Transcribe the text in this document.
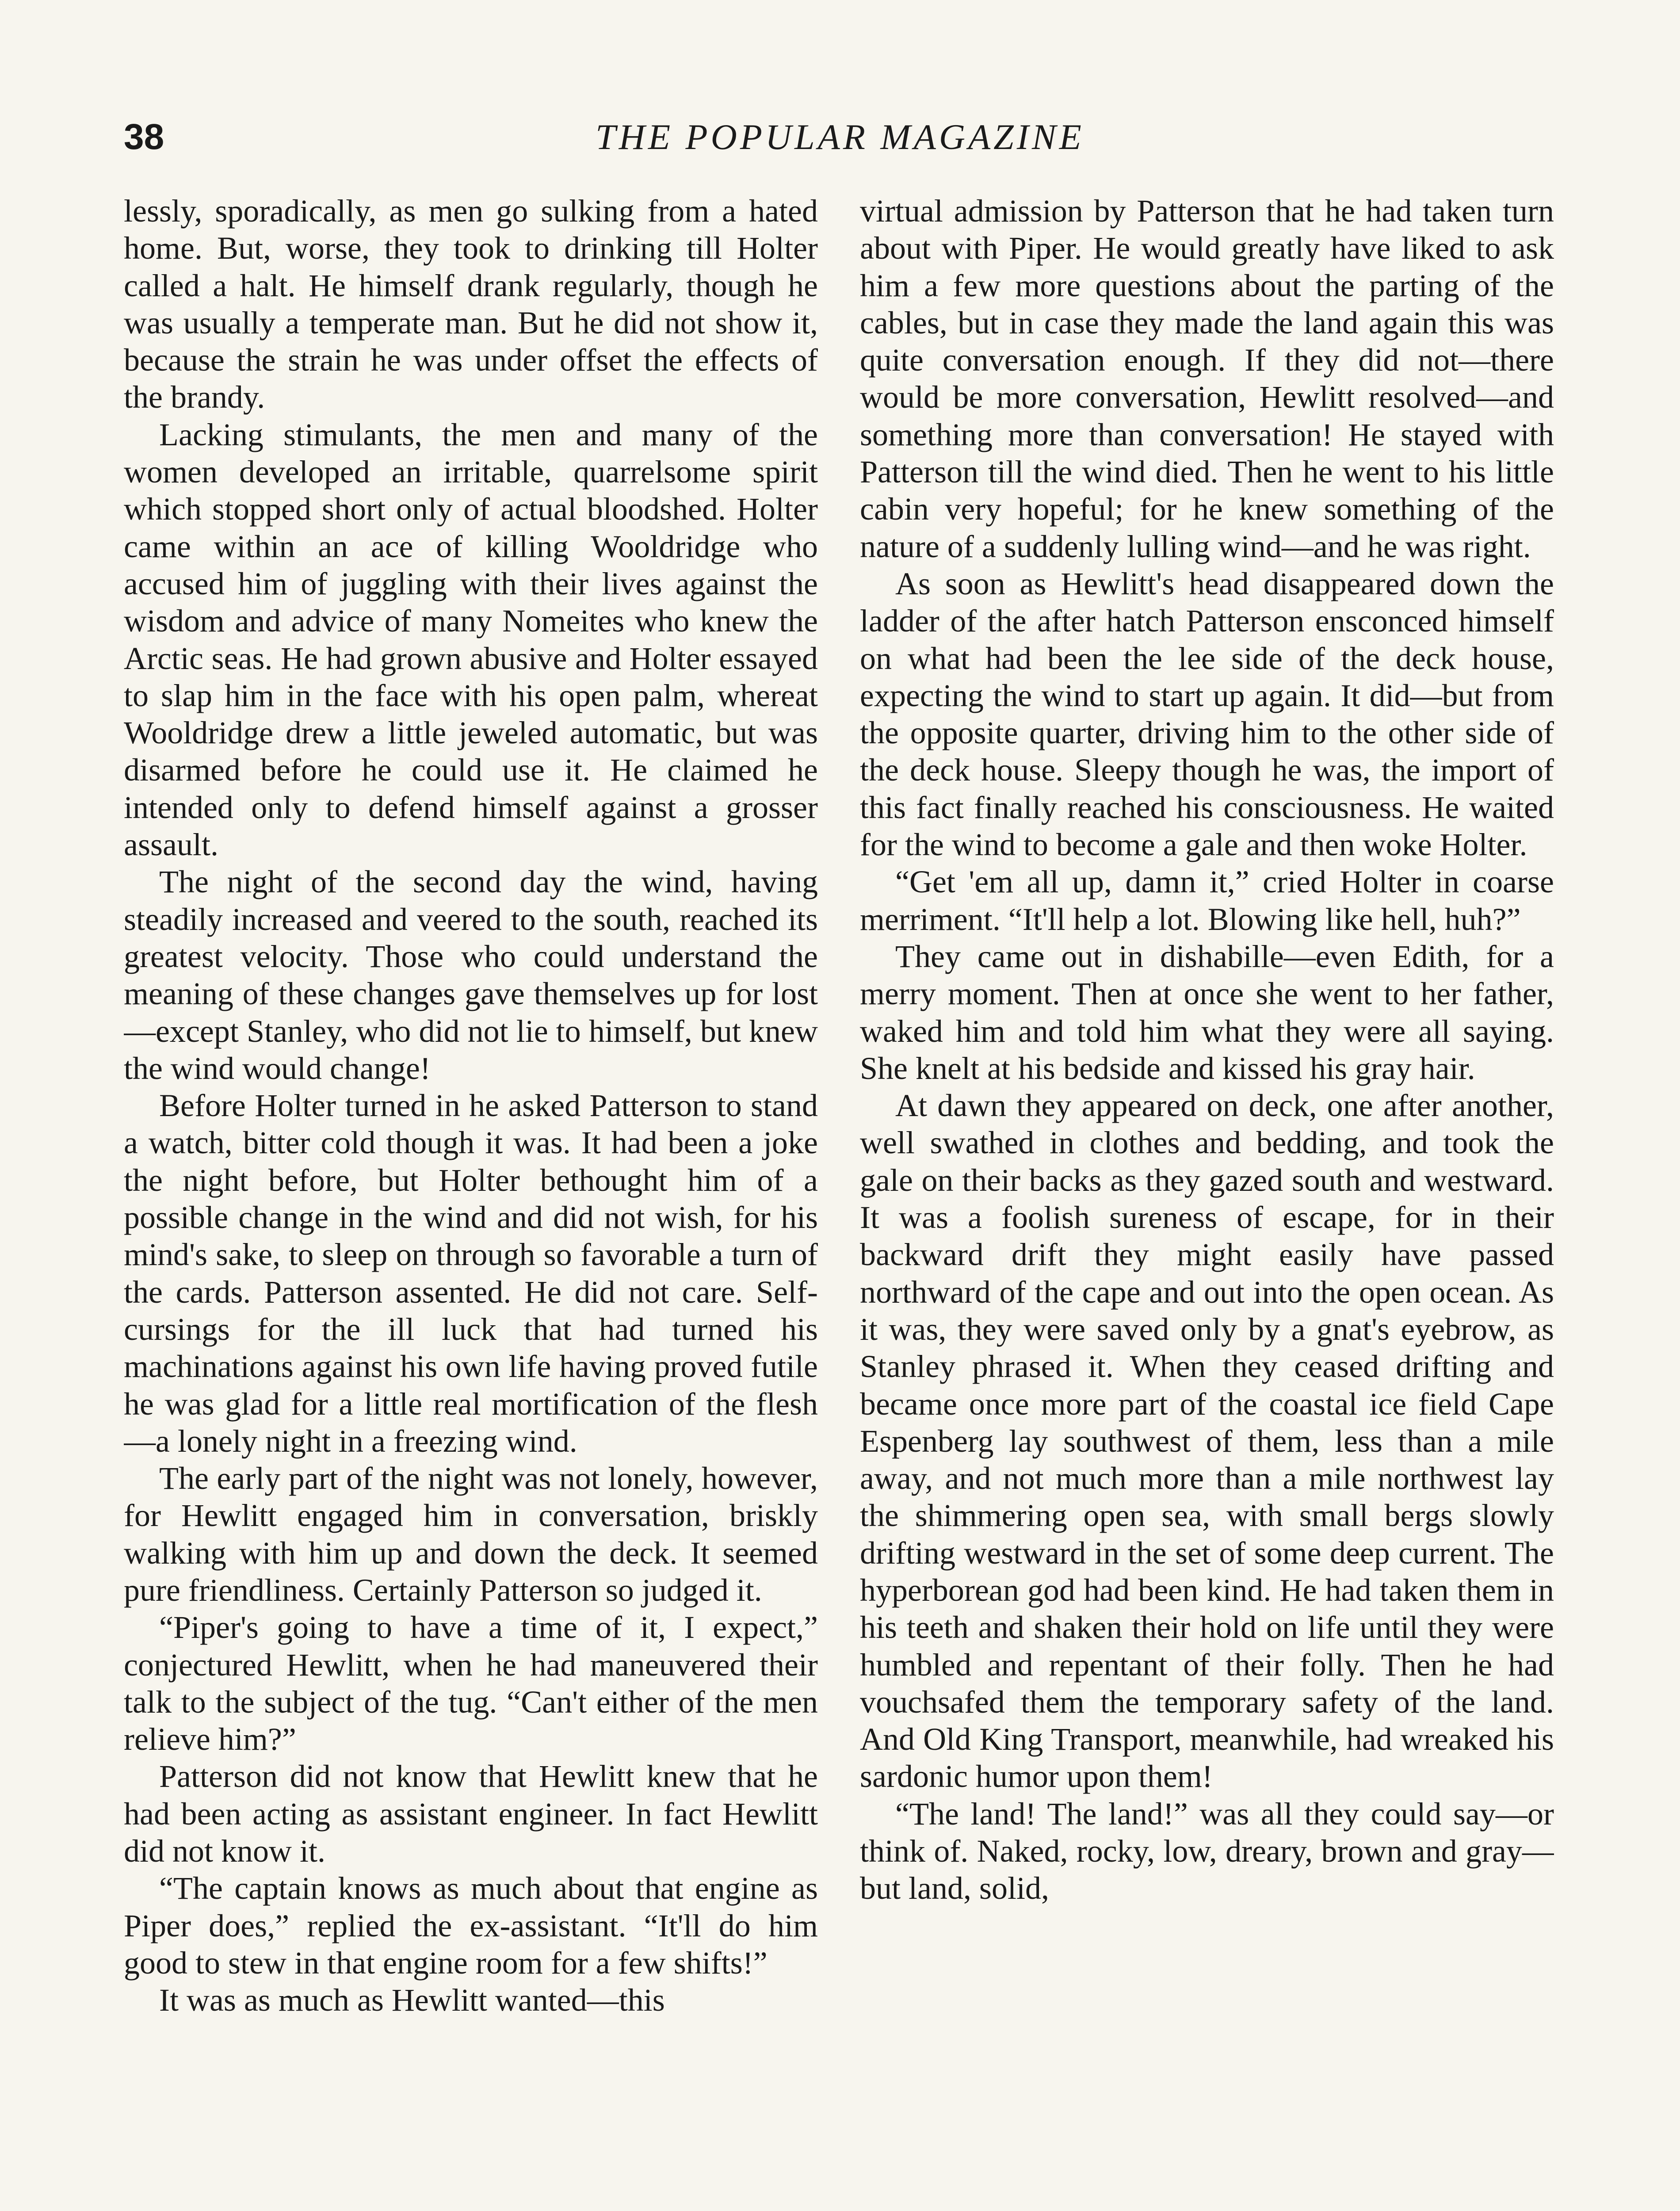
38	THE POPULAR MAGAZINE

lessly, sporadically, as men go sulking from a hated home. But, worse, they took to drinking till Holter called a halt. He himself drank regularly, though he was usually a temperate man. But he did not show it, because the strain he was under offset the effects of the brandy.

Lacking stimulants, the men and many of the women developed an irritable, quarrelsome spirit which stopped short only of actual bloodshed. Holter came within an ace of killing Wooldridge who accused him of juggling with their lives against the wisdom and advice of many Nomeites who knew the Arctic seas. He had grown abusive and Holter essayed to slap him in the face with his open palm, whereat Wooldridge drew a little jeweled automatic, but was disarmed before he could use it. He claimed he intended only to defend himself against a grosser assault.

The night of the second day the wind, having steadily increased and veered to the south, reached its greatest velocity. Those who could understand the meaning of these changes gave themselves up for lost—except Stanley, who did not lie to himself, but knew the wind would change!

Before Holter turned in he asked Patterson to stand a watch, bitter cold though it was. It had been a joke the night before, but Holter bethought him of a possible change in the wind and did not wish, for his mind's sake, to sleep on through so favorable a turn of the cards. Patterson assented. He did not care. Self-cursings for the ill luck that had turned his machinations against his own life having proved futile he was glad for a little real mortification of the flesh—a lonely night in a freezing wind.

The early part of the night was not lonely, however, for Hewlitt engaged him in conversation, briskly walking with him up and down the deck. It seemed pure friendliness. Certainly Patterson so judged it.

“Piper's going to have a time of it, I expect,” conjectured Hewlitt, when he had maneuvered their talk to the subject of the tug. “Can't either of the men relieve him?”

Patterson did not know that Hewlitt knew that he had been acting as assistant engineer. In fact Hewlitt did not know it.

“The captain knows as much about that engine as Piper does,” replied the ex-assistant. “It'll do him good to stew in that engine room for a few shifts!”

It was as much as Hewlitt wanted—this

virtual admission by Patterson that he had taken turn about with Piper. He would greatly have liked to ask him a few more questions about the parting of the cables, but in case they made the land again this was quite conversation enough. If they did not—there would be more conversation, Hewlitt resolved—and something more than conversation! He stayed with Patterson till the wind died. Then he went to his little cabin very hopeful; for he knew something of the nature of a suddenly lulling wind—and he was right.

As soon as Hewlitt's head disappeared down the ladder of the after hatch Patterson ensconced himself on what had been the lee side of the deck house, expecting the wind to start up again. It did—but from the opposite quarter, driving him to the other side of the deck house. Sleepy though he was, the import of this fact finally reached his consciousness. He waited for the wind to become a gale and then woke Holter.

“Get 'em all up, damn it,” cried Holter in coarse merriment. “It'll help a lot. Blowing like hell, huh?”

They came out in dishabille—even Edith, for a merry moment. Then at once she went to her father, waked him and told him what they were all saying. She knelt at his bedside and kissed his gray hair.

At dawn they appeared on deck, one after another, well swathed in clothes and bedding, and took the gale on their backs as they gazed south and westward. It was a foolish sureness of escape, for in their backward drift they might easily have passed northward of the cape and out into the open ocean. As it was, they were saved only by a gnat's eyebrow, as Stanley phrased it. When they ceased drifting and became once more part of the coastal ice field Cape Espenberg lay southwest of them, less than a mile away, and not much more than a mile northwest lay the shimmering open sea, with small bergs slowly drifting westward in the set of some deep current. The hyperborean god had been kind. He had taken them in his teeth and shaken their hold on life until they were humbled and repentant of their folly. Then he had vouchsafed them the temporary safety of the land. And Old King Transport, meanwhile, had wreaked his sardonic humor upon them!

“The land! The land!” was all they could say—or think of. Naked, rocky, low, dreary, brown and gray—but land, solid,
